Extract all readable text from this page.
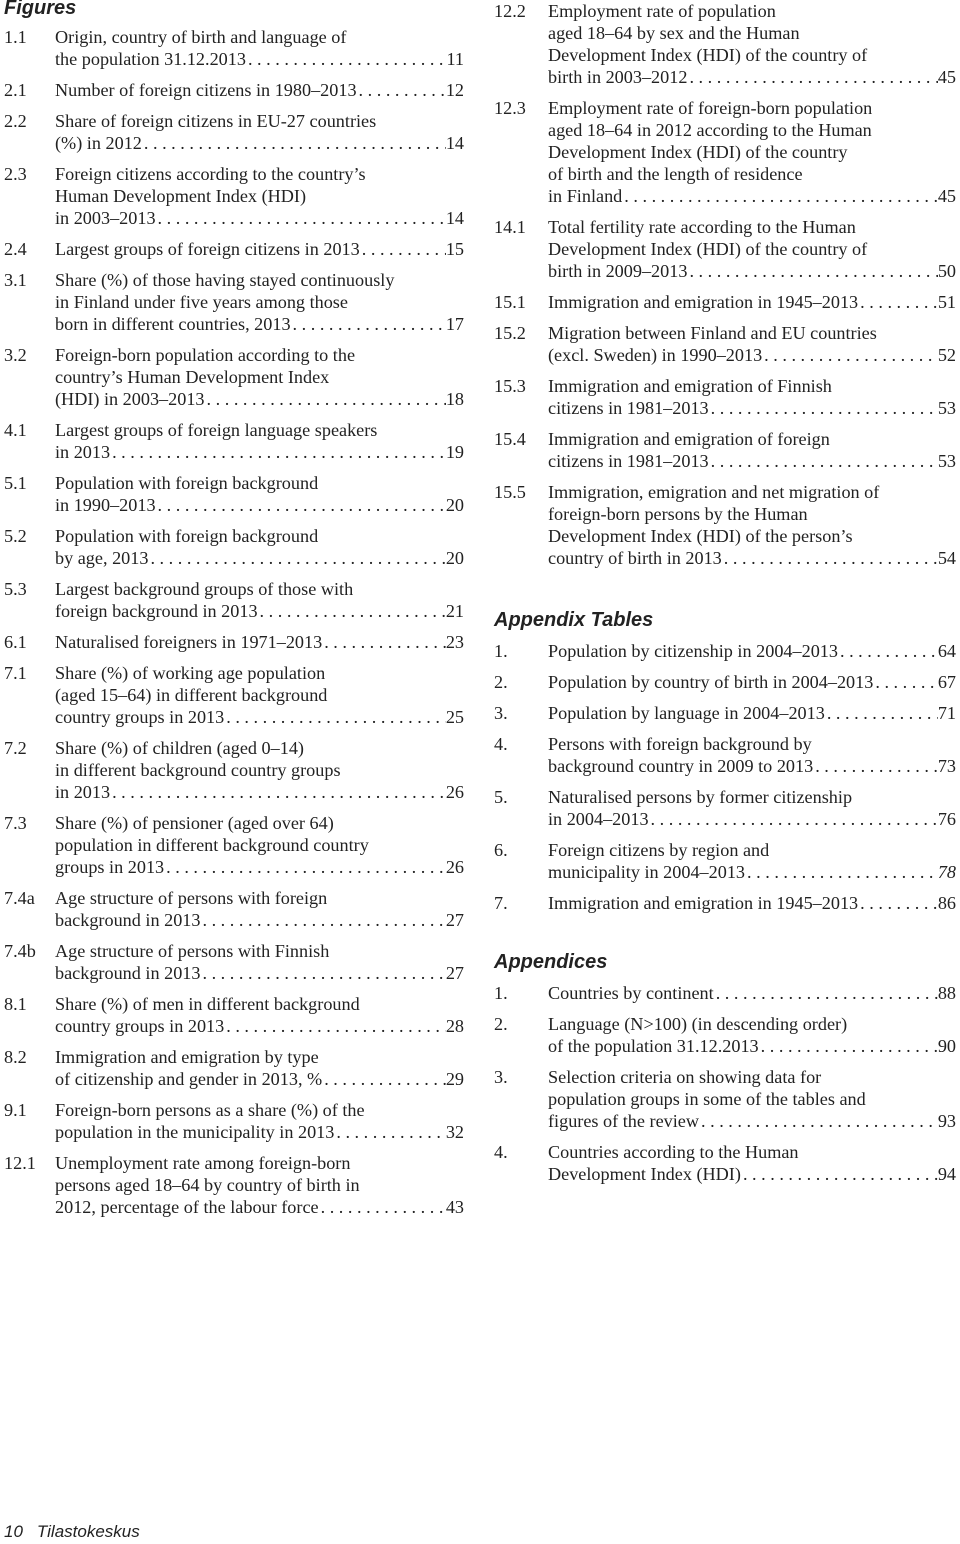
Figures
1.1	Origin, country of birth and language of
the population 31.12.2013 . . .	11
2.1	Number of foreign citizens in 1980–2013 . . .	12
2.2	Share of foreign citizens in EU-27 countries
(%) in 2012 . . .	14
2.3	Foreign citizens according to the country’s
Human Development Index (HDI)
in 2003–2013 . . .	14
2.4	Largest groups of foreign citizens in 2013 . . .	15
3.1	Share (%) of those having stayed continuously
in Finland under five years among those
born in different countries, 2013 . . .	17
3.2	Foreign-born population according to the
country’s Human Development Index
(HDI) in 2003–2013 . . .	18
4.1	Largest groups of foreign language speakers
in 2013 . . .	19
5.1	Population with foreign background
in 1990–2013 . . .	20
5.2	Population with foreign background
by age, 2013 . . .	20
5.3	Largest background groups of those with
foreign background in 2013 . . .	21
6.1	Naturalised foreigners in 1971–2013 . . .	23
7.1	Share (%) of working age population
(aged 15–64) in different background
country groups in 2013 . . .	25
7.2	Share (%) of children (aged 0–14)
in different background country groups
in 2013 . . .	26
7.3	Share (%) of pensioner (aged over 64)
population in different background country
groups in 2013 . . .	26
7.4a	Age structure of persons with foreign
background in 2013 . . .	27
7.4b	Age structure of persons with Finnish
background in 2013 . . .	27
8.1	Share (%) of men in different background
country groups in 2013 . . .	28
8.2	Immigration and emigration by type
of citizenship and gender in 2013, % . . .	29
9.1	Foreign-born persons as a share (%) of the
population in the municipality in 2013 . . .	32
12.1	Unemployment rate among foreign-born
persons aged 18–64 by country of birth in
2012, percentage of the labour force . . .	43
12.2	Employment rate of population
aged 18–64 by sex and the Human
Development Index (HDI) of the country of
birth in 2003–2012 . . .	45
12.3	Employment rate of foreign-born population
aged 18–64 in 2012 according to the Human
Development Index (HDI) of the country
of birth and the length of residence
in Finland . . .	45
14.1	Total fertility rate according to the Human
Development Index (HDI) of the country of
birth in 2009–2013 . . .	50
15.1	Immigration and emigration in 1945–2013 . . .	51
15.2	Migration between Finland and EU countries
(excl. Sweden) in 1990–2013 . . .	52
15.3	Immigration and emigration of Finnish
citizens in 1981–2013 . . .	53
15.4	Immigration and emigration of foreign
citizens in 1981–2013 . . .	53
15.5	Immigration, emigration and net migration of
foreign-born persons by the Human
Development Index (HDI) of the person’s
country of birth in 2013 . . .	54
Appendix Tables
1.	Population by citizenship in 2004–2013 . . .	64
2.	Population by country of birth in 2004–2013 . . .	67
3.	Population by language in 2004–2013 . . .	71
4.	Persons with foreign background by
background country in 2009 to 2013 . . .	73
5.	Naturalised persons by former citizenship
in 2004–2013 . . .	76
6.	Foreign citizens by region and
municipality in 2004–2013 . . .	78
7.	Immigration and emigration in 1945–2013 . . .	86
Appendices
1.	Countries by continent . . .	88
2.	Language (N>100) (in descending order)
of the population 31.12.2013 . . .	90
3.	Selection criteria on showing data for
population groups in some of the tables and
figures of the review . . .	93
4.	Countries according to the Human
Development Index (HDI) . . .	94
10 Tilastokeskus
